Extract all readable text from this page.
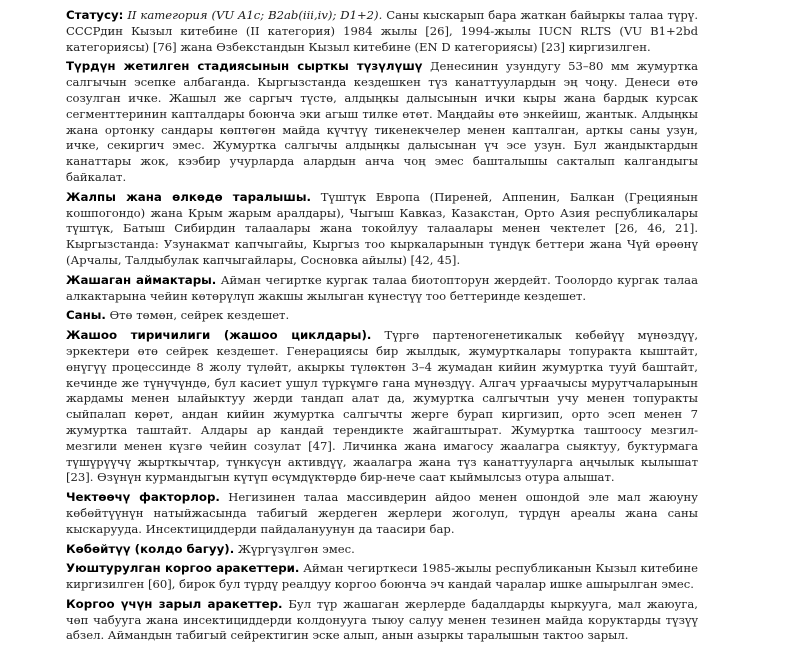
Статусу: II категория (VU A1c; B2ab(iii,iv); D1+2). Саны кыскарып бара жаткан байыркы талаа түрү. СССРдин Кызыл китебине (II категория) 1984 жылы [26], 1994-жылы IUCN RLTS (VU B1+2bd категориясы) [76] жана Өзбекстандын Кызыл китебине (EN D категориясы) [23] киргизилген.

Түрдүн жетилген стадиясынын сырткы түзүлүшү Денесинин узундугу 53–80 мм жумуртка салгычын эсепке албаганда. Кыргызстанда кездешкен түз канаттуулардын эң чоңу. Денеси өтө созулган ичке. Жашыл же саргыч түстө, алдыңкы далысынын ички кыры жана бардык курсак сегменттеринин капталдары боюнча эки агыш тилке өтөт. Маңдайы өтө энкейиш, жантык. Алдыңкы жана ортонку сандары көптөгөн майда күчтүү тикенекчелер менен капталган, арткы саны узун, ичке, секиргич эмес. Жумуртка салгычы алдыңкы далысынан үч эсе узун. Бул жандыктардын канаттары жок, кээбир учурларда алардын анча чоң эмес башталышы сакталып калгандыгы байкалат.

Жалпы жана өлкөдө таралышы. Түштүк Европа (Пиреней, Аппенин, Балкан (Грециянын кошпогондо) жана Крым жарым аралдары), Чыгыш Кавказ, Казакстан, Орто Азия республикалары түштүк, Батыш Сибирдин талаалары жана токойлуу талаалары менен чектелет [26, 46, 21]. Кыргызстанда: Узунакмат капчыгайы, Кыргыз тоо кыркаларынын түндүк беттери жана Чүй өрөөнү (Арчалы, Талдыбулак капчыгайлары, Сосновка айылы) [42, 45].

Жашаган аймактары. Айман чегиртке кургак талаа биотопторун жердейт. Тоолордо кургак талаа алкактарына чейин көтөрүлүп жакшы жылыган күнестүү тоо беттеринде кездешет.

Саны. Өтө төмөн, сейрек кездешет.

Жашоо тиричилиги (жашоо циклдары). Түргө партеногенетикалык көбөйүү мүнөздүү, эркектери өтө сейрек кездешет. Генерациясы бир жылдык, жумурткалары топуракта кыштайт, өнүгүү процессинде 8 жолу түлөйт, акыркы түлөктөн 3–4 жумадан кийин жумуртка тууй баштайт, кечинде же түнүчүндө, бул касиет ушул түркүмгө гана мүнөздүү. Алгач урғаачысы мурутчаларынын жардамы менен ылайыктуу жерди тандап алат да, жумуртка салгычтын учу менен топуракты сыйпалап көрөт, андан кийин жумуртка салгычты жерге бурап киргизип, орто эсеп менен 7 жумуртка таштайт. Алдары ар кандай терендикте жайгаштырат. Жумуртка таштоосу мезгил-мезгили менен күзгө чейин созулат [47]. Личинка жана имагосу жаалагра сыяктуу, буктурмага түшүрүүчү жырткычтар, түнкүсүн активдүү, жаалагра жана түз канаттууларга аңчылык кылышат [23]. Өзүнүн курмандыгын күтүп өсүмдүктөрдө бир-нече саат кыймылсыз отура алышат.

Чектөөчү факторлор. Негизинен талаа массивдерин айдоо менен ошондой эле мал жаюуну көбөйтүүнүн натыйжасында табигый жердеген жерлери жоголуп, түрдүн ареалы жана саны кыскарууда. Инсектициддерди пайдалануунун да таасири бар.

Көбөйтүү (колдо багуу). Жүргүзүлгөн эмес.

Уюштурулган коргоо аракеттери. Айман чегирткеси 1985-жылы республиканын Кызыл китебине киргизилген [60], бирок бул түрдү реалдуу коргоо боюнча эч кандай чаралар ишке ашырылган эмес.

Коргоо үчүн зарыл аракеттер. Бул түр жашаган жерлерде бадалдарды кыркууга, мал жаюуга, чөп чабууга жана инсектициддерди колдонууга тыюу салуу менен тезинен майда коруктарды түзүү абзел. Аймандын табигый сейректигин эске алып, анын азыркы таралышын тактоо зарыл.
